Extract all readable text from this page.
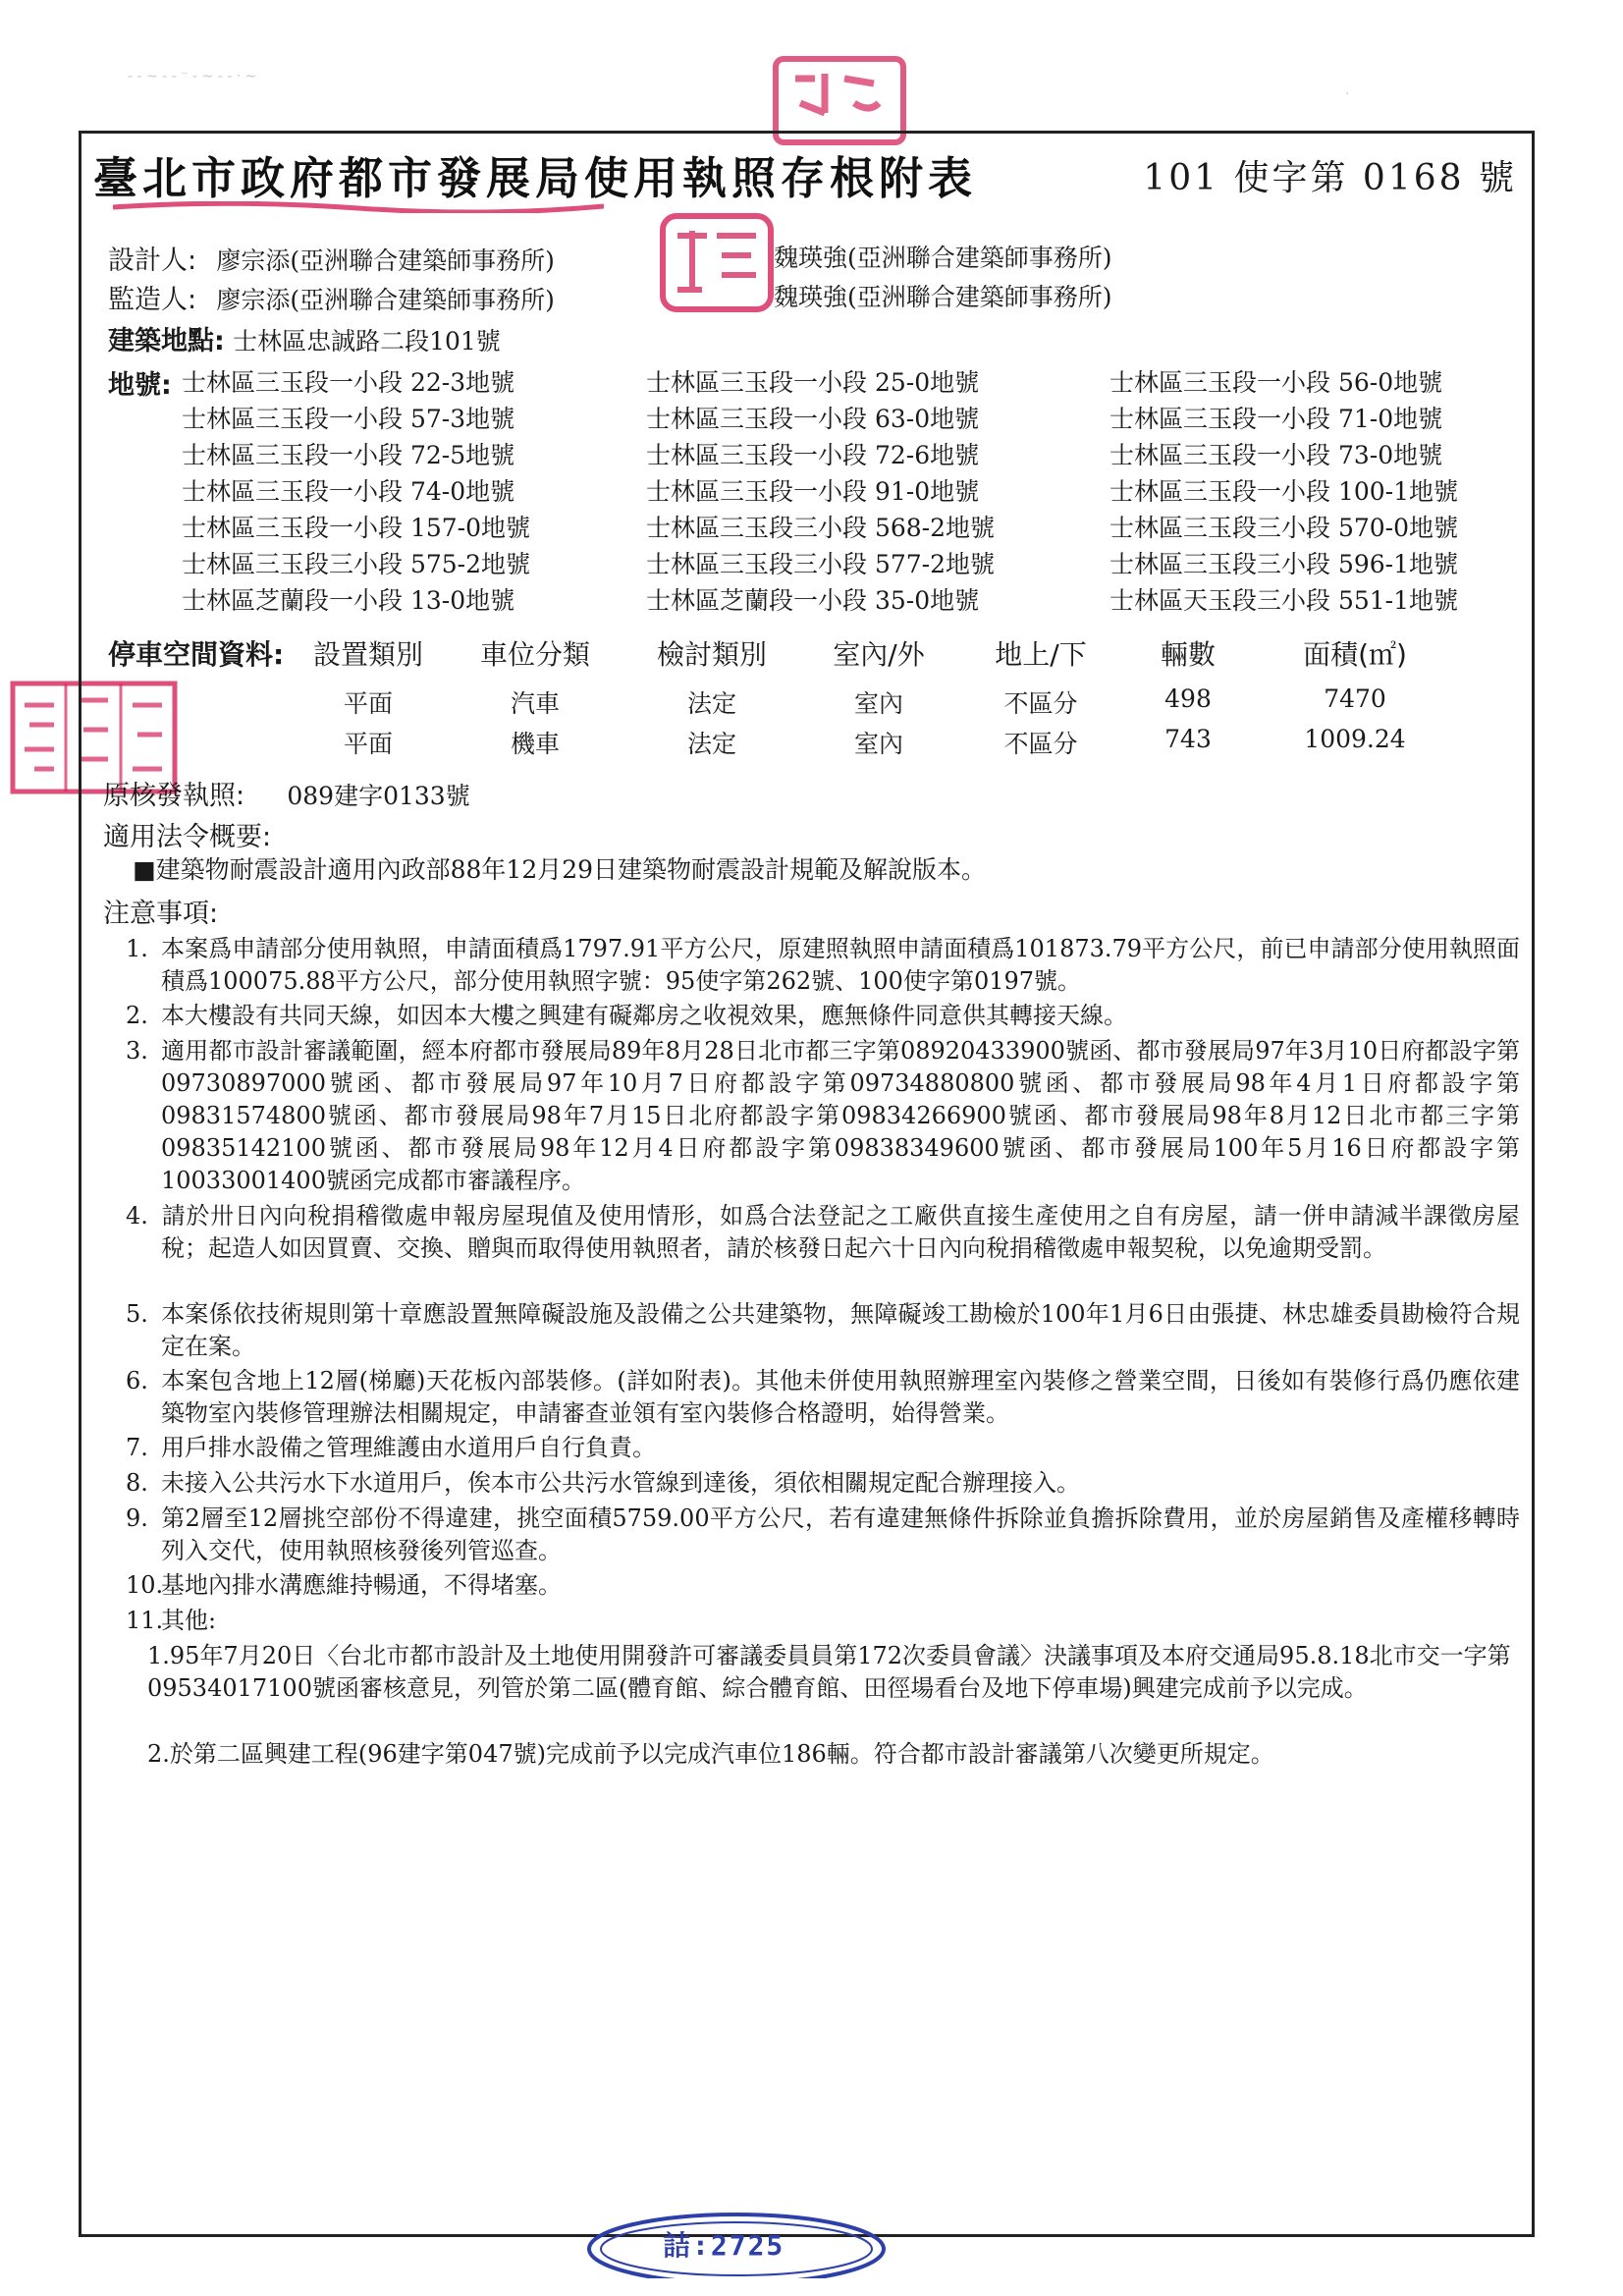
- - ~ - - ⁻ - ~ - - · ~
·
臺北市政府都市發展局使用執照存根附表	101 使字第 0168 號
設計人: 廖宗添(亞洲聯合建築師事務所)	魏瑛強(亞洲聯合建築師事務所)
監造人: 廖宗添(亞洲聯合建築師事務所)	魏瑛強(亞洲聯合建築師事務所)
建築地點: 士林區忠誠路二段101號
地號: 士林區三玉段一小段 22-3地號	士林區三玉段一小段 25-0地號	士林區三玉段一小段 56-0地號
士林區三玉段一小段 57-3地號	士林區三玉段一小段 63-0地號	士林區三玉段一小段 71-0地號
士林區三玉段一小段 72-5地號	士林區三玉段一小段 72-6地號	士林區三玉段一小段 73-0地號
士林區三玉段一小段 74-0地號	士林區三玉段一小段 91-0地號	士林區三玉段一小段 100-1地號
士林區三玉段一小段 157-0地號	士林區三玉段三小段 568-2地號	士林區三玉段三小段 570-0地號
士林區三玉段三小段 575-2地號	士林區三玉段三小段 577-2地號	士林區三玉段三小段 596-1地號
士林區芝蘭段一小段 13-0地號	士林區芝蘭段一小段 35-0地號	士林區天玉段三小段 551-1地號
停車空間資料:	設置類別	車位分類	檢討類別	室內/外	地上/下	輛數	面積(㎡)
平面	汽車	法定	室內	不區分	498	7470
平面	機車	法定	室內	不區分	743	1009.24
原核發執照: 089建字0133號
適用法令概要:
■建築物耐震設計適用內政部88年12月29日建築物耐震設計規範及解說版本。
注意事項:
1. 本案爲申請部分使用執照，申請面積爲1797.91平方公尺，原建照執照申請面積爲101873.79平方公尺，前已申請部分使用執照面積爲100075.88平方公尺，部分使用執照字號：95使字第262號、100使字第0197號。
2. 本大樓設有共同天線，如因本大樓之興建有礙鄰房之收視效果，應無條件同意供其轉接天線。
3. 適用都市設計審議範圍，經本府都市發展局89年8月28日北市都三字第08920433900號函、都市發展局97年3月10日府都設字第09730897000號函、都市發展局97年10月7日府都設字第09734880800號函、都市發展局98年4月1日府都設字第09831574800號函、都市發展局98年7月15日北府都設字第09834266900號函、都市發展局98年8月12日北市都三字第09835142100號函、都市發展局98年12月4日府都設字第09838349600號函、都市發展局100年5月16日府都設字第10033001400號函完成都市審議程序。
4. 請於卅日內向稅捐稽徵處申報房屋現值及使用情形，如爲合法登記之工廠供直接生產使用之自有房屋，請一併申請減半課徵房屋稅；起造人如因買賣、交換、贈與而取得使用執照者，請於核發日起六十日內向稅捐稽徵處申報契稅，以免逾期受罰。
5. 本案係依技術規則第十章應設置無障礙設施及設備之公共建築物，無障礙竣工勘檢於100年1月6日由張捷、林忠雄委員勘檢符合規定在案。
6. 本案包含地上12層(梯廳)天花板內部裝修。(詳如附表)。其他未併使用執照辦理室內裝修之營業空間，日後如有裝修行爲仍應依建築物室內裝修管理辦法相關規定，申請審查並領有室內裝修合格證明，始得營業。
7. 用戶排水設備之管理維護由水道用戶自行負責。
8. 未接入公共污水下水道用戶，俟本市公共污水管線到達後，須依相關規定配合辦理接入。
9. 第2層至12層挑空部份不得違建，挑空面積5759.00平方公尺，若有違建無條件拆除並負擔拆除費用，並於房屋銷售及產權移轉時列入交代，使用執照核發後列管巡查。
10.基地內排水溝應維持暢通，不得堵塞。
11.其他:
1.95年7月20日〈台北市都市設計及土地使用開發許可審議委員員第172次委員會議〉決議事項及本府交通局95.8.18北市交一字第09534017100號函審核意見，列管於第二區(體育館、綜合體育館、田徑場看台及地下停車場)興建完成前予以完成。
2.於第二區興建工程(96建字第047號)完成前予以完成汽車位186輛。符合都市設計審議第八次變更所規定。
詰:2725
